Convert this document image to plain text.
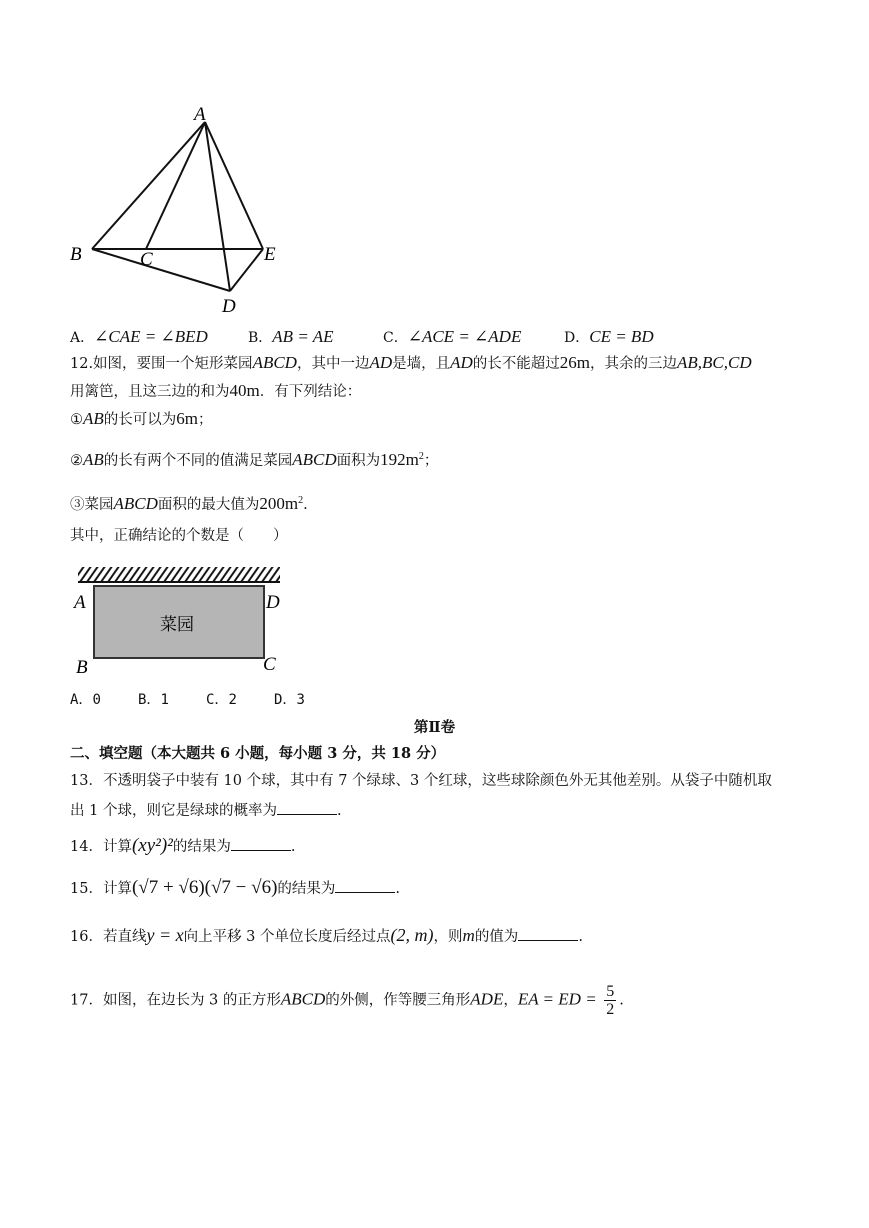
A
B	C	E
D
A．∠CAE = ∠BED	B．AB = AE	C．∠ACE = ∠ADE	D．CE = BD
12.如图，要围一个矩形菜园ABCD，其中一边AD是墙，且AD的长不能超过26m，其余的三边AB,BC,CD
用篱笆，且这三边的和为40m．有下列结论：
①AB的长可以为6m；
②AB的长有两个不同的值满足菜园ABCD面积为$192m^2$；
③菜园ABCD面积的最大值为$200m^2$.
其中，正确结论的个数是（　　）
A	D
B	C
菜园
A．0	B．1	C．2	D．3
第Ⅱ卷
二、填空题（本大题共 6 小题，每小题 3 分，共 18 分）
13．不透明袋子中装有 10 个球，其中有 7 个绿球、3 个红球，这些球除颜色外无其他差别。从袋子中随机取
出 1 个球，则它是绿球的概率为	.
14．计算(xy²)²的结果为	.
15．计算(√7 + √6)(√7 − √6)的结果为	.
16．若直线y = x向上平移 3 个单位长度后经过点(2, m)，则m的值为	.
17．如图，在边长为 3 的正方形ABCD的外侧，作等腰三角形ADE，EA = ED = $\frac{5}{2}$ .
